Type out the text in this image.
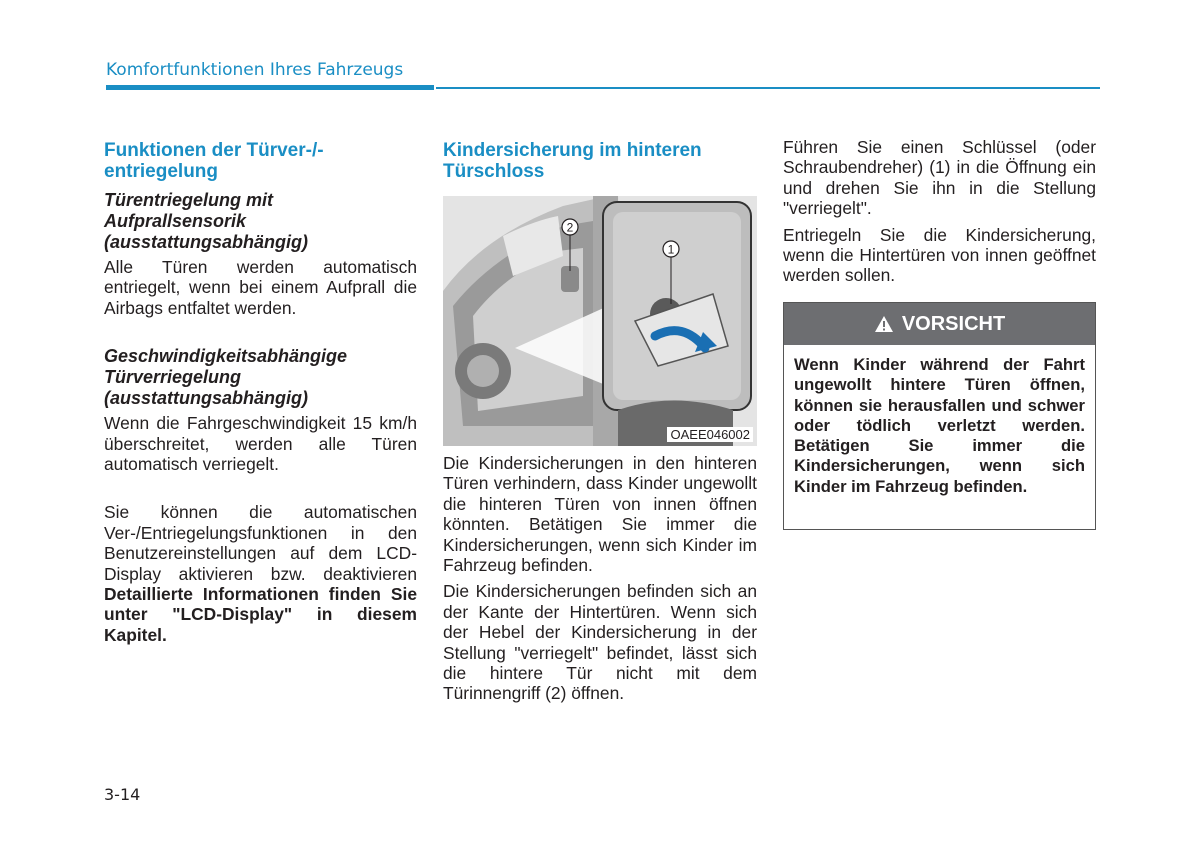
Komfortfunktionen Ihres Fahrzeugs
Funktionen der Türver-/-
entriegelung
Türentriegelung mit
Aufprallsensorik
(ausstattungsabhängig)

Alle Türen werden automatisch entriegelt, wenn bei einem Aufprall die Airbags entfaltet werden.

Geschwindigkeitsabhängige
Türverriegelung
(ausstattungsabhängig)

Wenn die Fahrgeschwindigkeit 15 km/h überschreitet, werden alle Türen automatisch verriegelt.

Sie können die automatischen Ver-/Entriegelungsfunktionen in den Benutzereinstellungen auf dem LCD-Display aktivieren bzw. deaktivieren Detaillierte Informationen finden Sie unter "LCD-Display" in diesem Kapitel.

Kindersicherung im hinteren
Türschloss
2
1
OAEE046002

Die Kindersicherungen in den hinteren Türen verhindern, dass Kinder ungewollt die hinteren Türen von innen öffnen könnten. Betätigen Sie immer die Kindersicherungen, wenn sich Kinder im Fahrzeug befinden.

Die Kindersicherungen befinden sich an der Kante der Hintertüren. Wenn sich der Hebel der Kindersicherung in der Stellung "verriegelt" befindet, lässt sich die hintere Tür nicht mit dem Türinnengriff (2) öffnen.

Führen Sie einen Schlüssel (oder Schraubendreher) (1) in die Öffnung ein und drehen Sie ihn in die Stellung "verriegelt".

Entriegeln Sie die Kindersicherung, wenn die Hintertüren von innen geöffnet werden sollen.

VORSICHT
Wenn Kinder während der Fahrt ungewollt hintere Türen öffnen, können sie herausfallen und schwer oder tödlich verletzt werden. Betätigen Sie immer die Kindersicherungen, wenn sich Kinder im Fahrzeug befinden.
3-14
